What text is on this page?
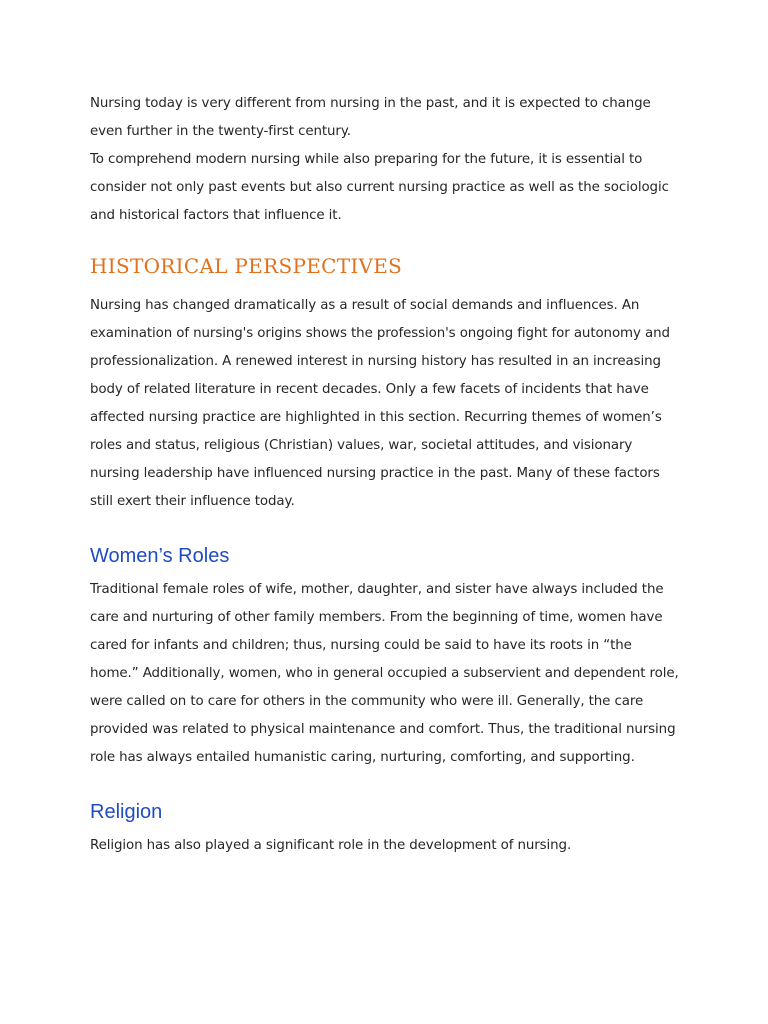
Nursing today is very different from nursing in the past, and it is expected to change even further in the twenty-first century.

To comprehend modern nursing while also preparing for the future, it is essential to consider not only past events but also current nursing practice as well as the sociologic and historical factors that influence it.

HISTORICAL PERSPECTIVES

Nursing has changed dramatically as a result of social demands and influences. An examination of nursing's origins shows the profession's ongoing fight for autonomy and professionalization. A renewed interest in nursing history has resulted in an increasing body of related literature in recent decades. Only a few facets of incidents that have affected nursing practice are highlighted in this section. Recurring themes of women’s roles and status, religious (Christian) values, war, societal attitudes, and visionary nursing leadership have influenced nursing practice in the past. Many of these factors still exert their influence today.

Women’s Roles

Traditional female roles of wife, mother, daughter, and sister have always included the care and nurturing of other family members. From the beginning of time, women have cared for infants and children; thus, nursing could be said to have its roots in “the home.” Additionally, women, who in general occupied a subservient and dependent role, were called on to care for others in the community who were ill. Generally, the care provided was related to physical maintenance and comfort. Thus, the traditional nursing role has always entailed humanistic caring, nurturing, comforting, and supporting.

Religion

Religion has also played a significant role in the development of nursing.
